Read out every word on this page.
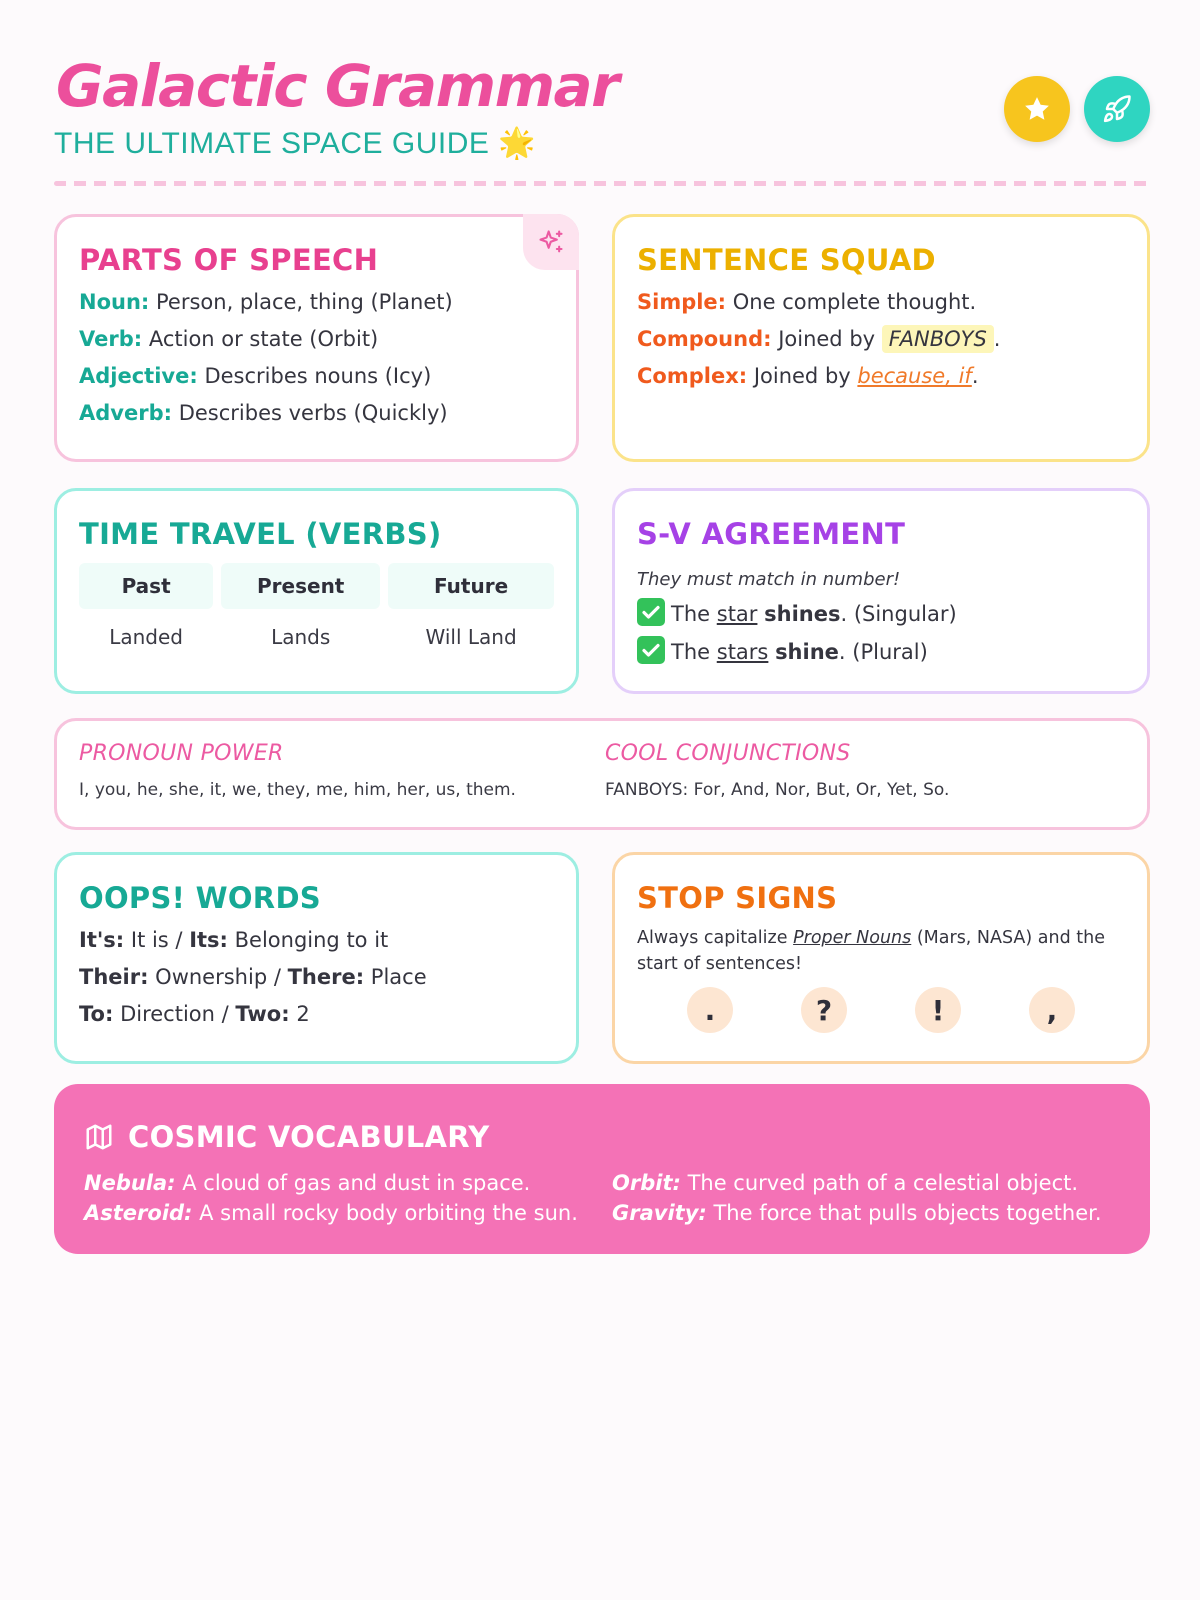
Galactic Grammar
THE ULTIMATE SPACE GUIDE 🌟
PARTS OF SPEECH
Noun: Person, place, thing (Planet)
Verb: Action or state (Orbit)
Adjective: Describes nouns (Icy)
Adverb: Describes verbs (Quickly)
SENTENCE SQUAD
Simple: One complete thought.
Compound: Joined by FANBOYS .
Complex: Joined by because, if.
TIME TRAVEL (VERBS)
Past	Present	Future
Landed	Lands	Will Land
S-V AGREEMENT
They must match in number!
The star shines. (Singular)
The stars shine. (Plural)
PRONOUN POWER

I, you, he, she, it, we, they, me, him, her, us, them.

COOL CONJUNCTIONS

FANBOYS: For, And, Nor, But, Or, Yet, So.

OOPS! WORDS
It's: It is / Its: Belonging to it
Their: Ownership / There: Place
To: Direction / Two: 2
STOP SIGNS
Always capitalize Proper Nouns (Mars, NASA) and the start of sentences!
.	?	!	,
COSMIC VOCABULARY

Nebula: A cloud of gas and dust in space.

Asteroid: A small rocky body orbiting the sun.

Orbit: The curved path of a celestial object.

Gravity: The force that pulls objects together.
